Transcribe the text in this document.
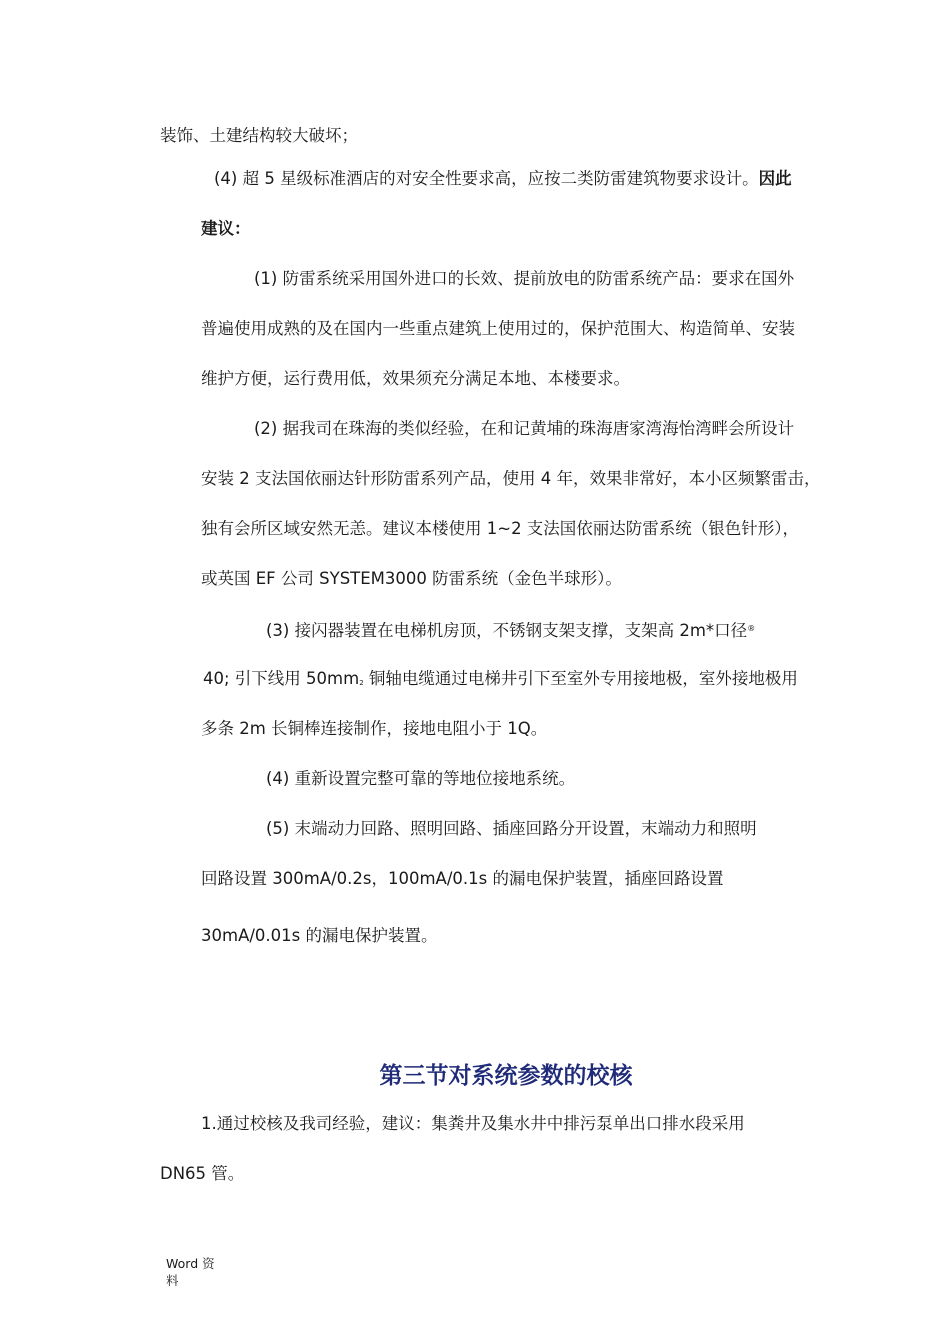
装饰、土建结构较大破坏；
(4) 超 5 星级标准酒店的对安全性要求高，应按二类防雷建筑物要求设计。因此
建议：
(1) 防雷系统采用国外进口的长效、提前放电的防雷系统产品：要求在国外
普遍使用成熟的及在国内一些重点建筑上使用过的，保护范围大、构造简单、安装
维护方便，运行费用低，效果须充分满足本地、本楼要求。
(2) 据我司在珠海的类似经验，在和记黄埔的珠海唐家湾海怡湾畔会所设计
安装 2 支法国依丽达针形防雷系列产品，使用 4 年，效果非常好，本小区频繁雷击，
独有会所区域安然无恙。建议本楼使用 1~2 支法国依丽达防雷系统（银色针形），
或英国 EF 公司 SYSTEM3000 防雷系统（金色半球形）。
(3) 接闪器装置在电梯机房顶，不锈钢支架支撑，支架高 2m*口径®
40; 引下线用 $50mm_2$ 铜轴电缆通过电梯井引下至室外专用接地极，室外接地极用
多条 2m 长铜棒连接制作，接地电阻小于 1Q。
(4) 重新设置完整可靠的等地位接地系统。
(5) 末端动力回路、照明回路、插座回路分开设置，末端动力和照明
回路设置 300mA/0.2s，100mA/0.1s 的漏电保护装置，插座回路设置
30mA/0.01s 的漏电保护装置。
第三节对系统参数的校核
1.通过校核及我司经验，建议：集粪井及集水井中排污泵单出口排水段采用
DN65 管。
Word 资
料
